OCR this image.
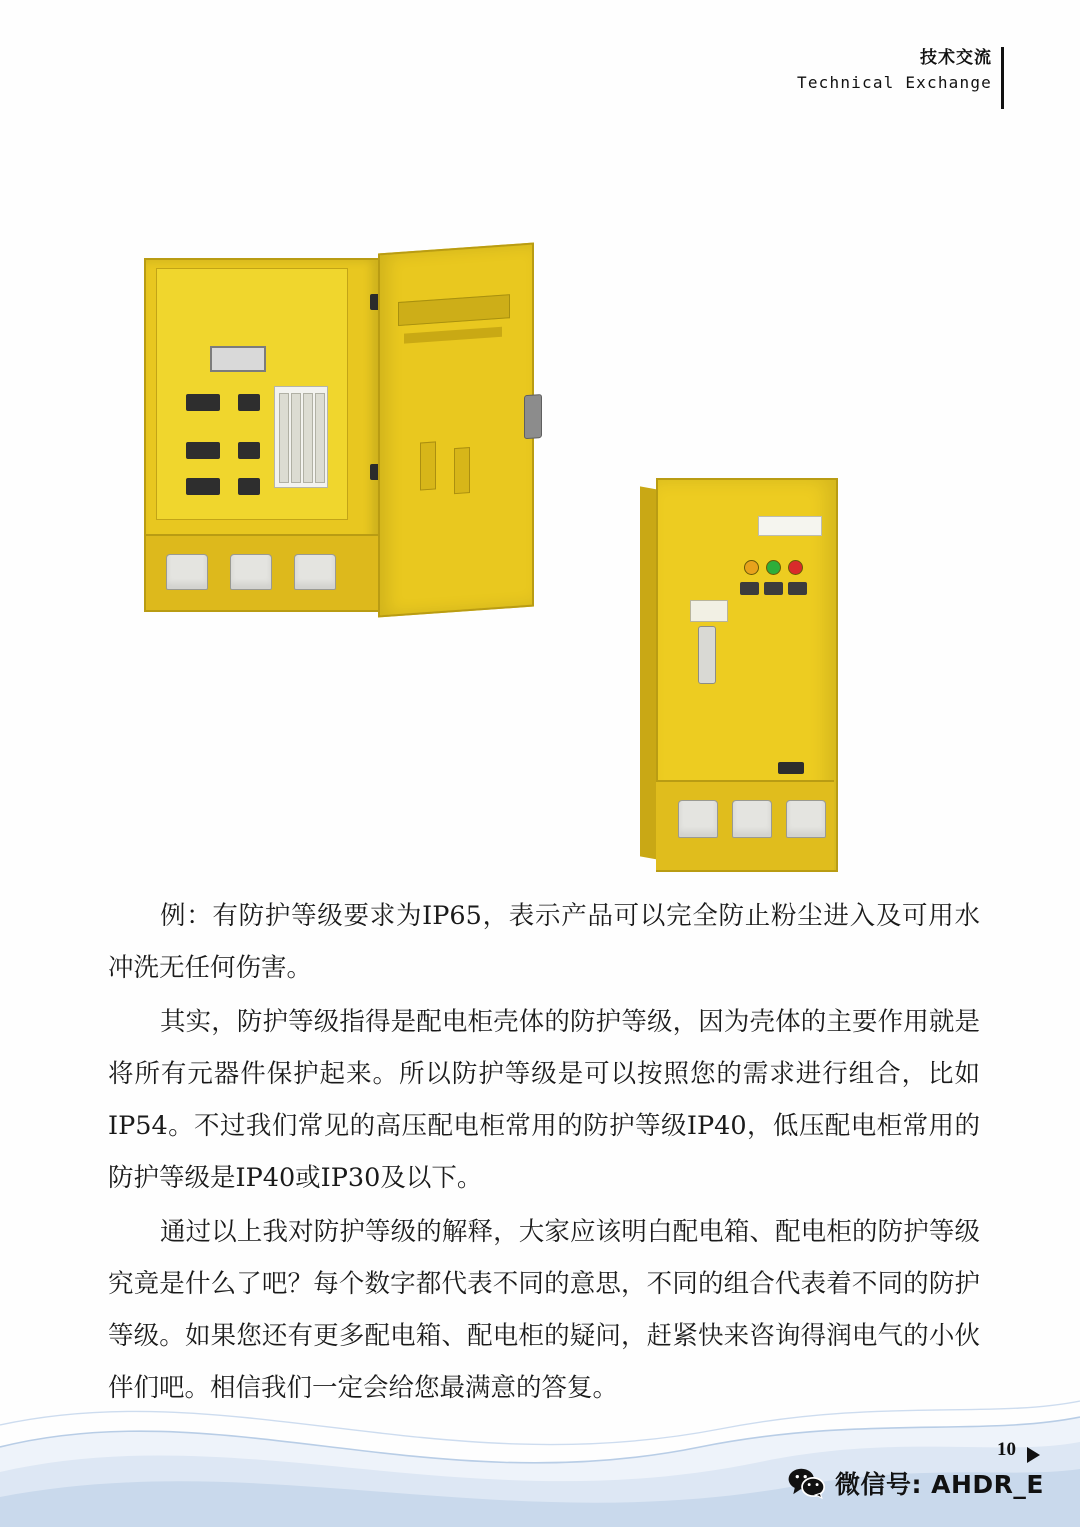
技术交流
Technical Exchange

例：有防护等级要求为IP65，表示产品可以完全防止粉尘进入及可用水冲洗无任何伤害。

其实，防护等级指得是配电柜壳体的防护等级，因为壳体的主要作用就是将所有元器件保护起来。所以防护等级是可以按照您的需求进行组合，比如IP54。不过我们常见的高压配电柜常用的防护等级IP40，低压配电柜常用的防护等级是IP40或IP30及以下。

通过以上我对防护等级的解释，大家应该明白配电箱、配电柜的防护等级究竟是什么了吧？每个数字都代表不同的意思，不同的组合代表着不同的防护等级。如果您还有更多配电箱、配电柜的疑问，赶紧快来咨询得润电气的小伙伴们吧。相信我们一定会给您最满意的答复。

10
微信号: AHDR_E
